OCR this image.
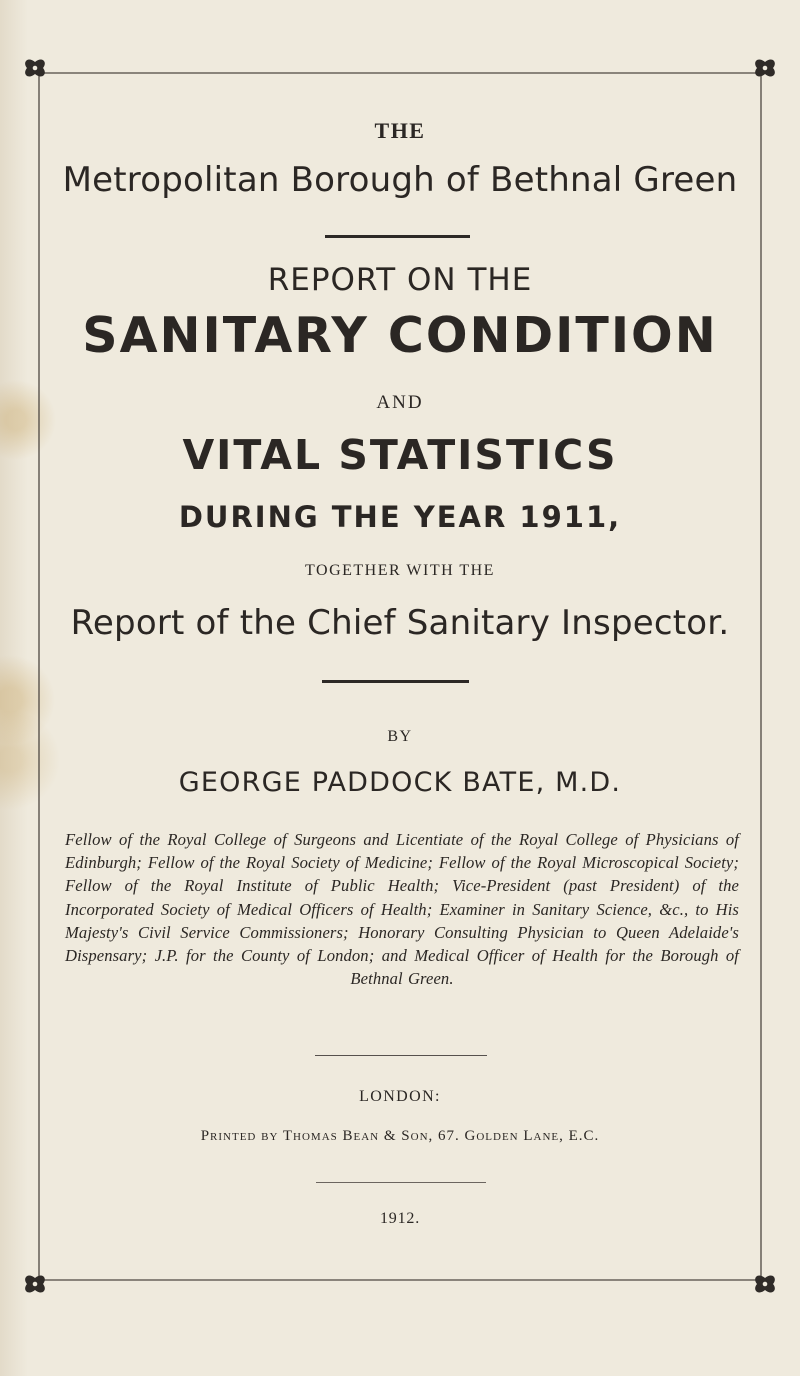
THE
Metropolitan Borough of Bethnal Green
REPORT ON THE
SANITARY CONDITION
AND
VITAL STATISTICS
DURING THE YEAR 1911,
TOGETHER WITH THE
Report of the Chief Sanitary Inspector.
BY
GEORGE PADDOCK BATE, M.D.
Fellow of the Royal College of Surgeons and Licentiate of the Royal College of Physicians of Edinburgh; Fellow of the Royal Society of Medicine; Fellow of the Royal Microscopical Society; Fellow of the Royal Institute of Public Health; Vice-President (past President) of the Incorporated Society of Medical Officers of Health; Examiner in Sanitary Science, &c., to His Majesty's Civil Service Commissioners; Honorary Consulting Physician to Queen Adelaide's Dispensary; J.P. for the County of London; and Medical Officer of Health for the Borough of Bethnal Green.
LONDON:
Printed by Thomas Bean & Son, 67. Golden Lane, E.C.
1912.
